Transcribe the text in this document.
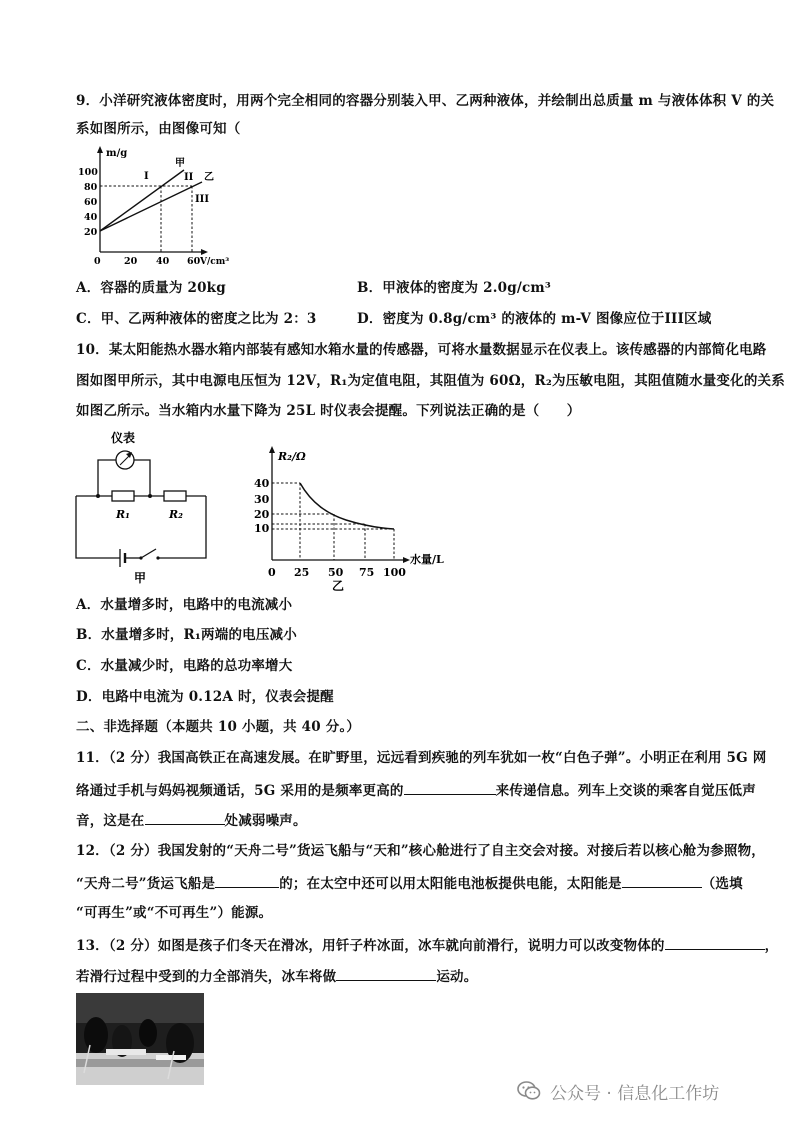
9．小洋研究液体密度时，用两个完全相同的容器分别装入甲、乙两种液体，并绘制出总质量 m 与液体体积 V 的关
系如图所示，由图像可知（
m/g
V/cm³
100
80
60
40
20
0 20 40 60
甲
乙
I	II
III
A．容器的质量为 20kg	B．甲液体的密度为 2.0g/cm³
C．甲、乙两种液体的密度之比为 2：3	D．密度为 0.8g/cm³ 的液体的 m-V 图像应位于III区域
10．某太阳能热水器水箱内部装有感知水箱水量的传感器，可将水量数据显示在仪表上。该传感器的内部简化电路
图如图甲所示，其中电源电压恒为 12V，R₁为定值电阻，其阻值为 60Ω，R₂为压敏电阻，其阻值随水量变化的关系
如图乙所示。当水箱内水量下降为 25L 时仪表会提醒。下列说法正确的是（　　）
仪表
R₁	R₂
甲
R₂/Ω
水量/L
40
30
20
10
0 25 50 75 100
乙
A．水量增多时，电路中的电流减小
B．水量增多时，R₁两端的电压减小
C．水量减少时，电路的总功率增大
D．电路中电流为 0.12A 时，仪表会提醒
二、非选择题（本题共 10 小题，共 40 分。）
11．（2 分）我国高铁正在高速发展。在旷野里，远远看到疾驰的列车犹如一枚“白色子弹”。小明正在利用 5G 网
络通过手机与妈妈视频通话，5G 采用的是频率更高的	来传递信息。列车上交谈的乘客自觉压低声
音，这是在	处减弱噪声。
12．（2 分）我国发射的“天舟二号”货运飞船与“天和”核心舱进行了自主交会对接。对接后若以核心舱为参照物，
“天舟二号”货运飞船是	的；在太空中还可以用太阳能电池板提供电能，太阳能是	（选填
“可再生”或“不可再生”）能源。
13．（2 分）如图是孩子们冬天在滑冰，用钎子杵冰面，冰车就向前滑行，说明力可以改变物体的	，
若滑行过程中受到的力全部消失，冰车将做	运动。
公众号 · 信息化工作坊
